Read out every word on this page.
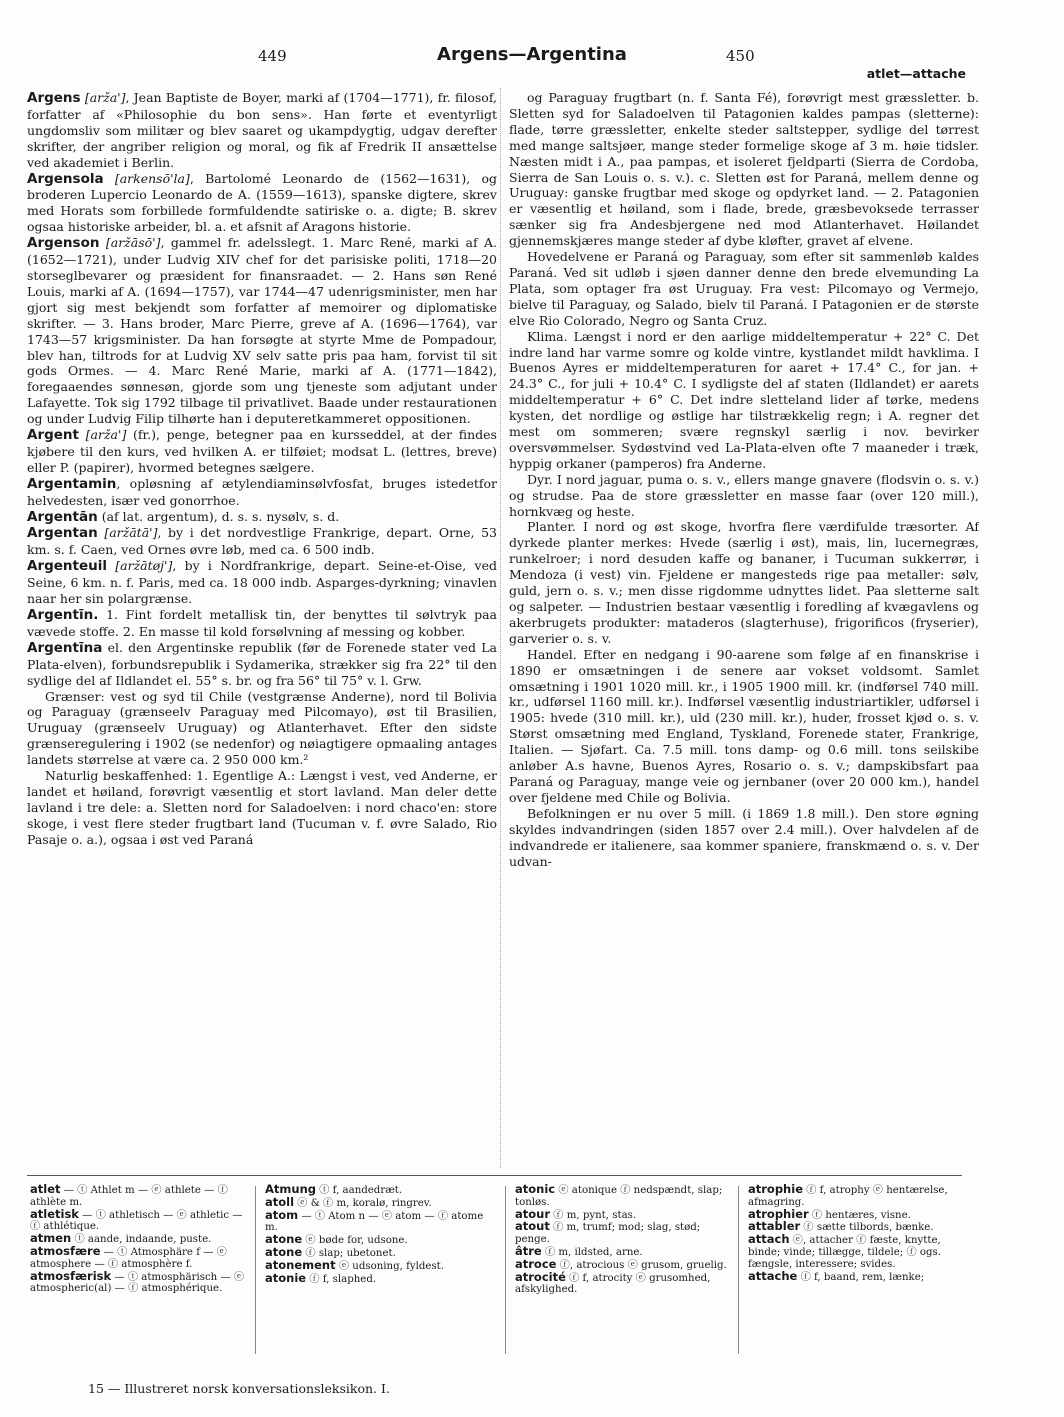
449	Argens—Argentina	450
atlet—attache

Argens [arža'], Jean Baptiste de Boyer, marki af (1704—1771), fr. filosof, forfatter af «Philosophie du bon sens». Han førte et eventyrligt ungdomsliv som militær og blev saaret og ukampdygtig, udgav derefter skrifter, der angriber religion og moral, og fik af Fredrik II ansættelse ved akademiet i Berlin.

Argensola [arkensō'la], Bartolomé Leonardo de (1562—1631), og broderen Lupercio Leonardo de A. (1559—1613), spanske digtere, skrev med Horats som forbillede formfuldendte satiriske o. a. digte; B. skrev ogsaa historiske arbeider, bl. a. et afsnit af Aragons historie.

Argenson [aržāsō'], gammel fr. adelsslegt. 1. Marc René, marki af A. (1652—1721), under Ludvig XIV chef for det parisiske politi, 1718—20 storseglbevarer og præsident for finansraadet. — 2. Hans søn René Louis, marki af A. (1694—1757), var 1744—47 udenrigsminister, men har gjort sig mest bekjendt som forfatter af memoirer og diplomatiske skrifter. — 3. Hans broder, Marc Pierre, greve af A. (1696—1764), var 1743—57 krigsminister. Da han forsøgte at styrte Mme de Pompadour, blev han, tiltrods for at Ludvig XV selv satte pris paa ham, forvist til sit gods Ormes. — 4. Marc René Marie, marki af A. (1771—1842), foregaaendes sønnesøn, gjorde som ung tjeneste som adjutant under Lafayette. Tok sig 1792 tilbage til privatlivet. Baade under restaurationen og under Ludvig Filip tilhørte han i deputeretkammeret oppositionen.

Argent [arža'] (fr.), penge, betegner paa en kursseddel, at der findes kjøbere til den kurs, ved hvilken A. er tilføiet; modsat L. (lettres, breve) eller P. (papirer), hvormed betegnes sælgere.

Argentamin, opløsning af ætylendiaminsølvfosfat, bruges istedetfor helvedesten, især ved gonorrhoe.

Argentān (af lat. argentum), d. s. s. nysølv, s. d.

Argentan [aržātā'], by i det nordvestlige Frankrige, depart. Orne, 53 km. s. f. Caen, ved Ornes øvre løb, med ca. 6 500 indb.

Argenteuil [aržātøj'], by i Nordfrankrige, depart. Seine-et-Oise, ved Seine, 6 km. n. f. Paris, med ca. 18 000 indb. Asparges-dyrkning; vinavlen naar her sin polargrænse.

Argentīn. 1. Fint fordelt metallisk tin, der benyttes til sølvtryk paa vævede stoffe. 2. En masse til kold forsølvning af messing og kobber.

Argentīna el. den Argentinske republik (før de Forenede stater ved La Plata-elven), forbundsrepublik i Sydamerika, strækker sig fra 22° til den sydlige del af Ildlandet el. 55° s. br. og fra 56° til 75° v. l. Grw.

Grænser: vest og syd til Chile (vestgrænse Anderne), nord til Bolivia og Paraguay (grænseelv Paraguay med Pilcomayo), øst til Brasilien, Uruguay (grænseelv Uruguay) og Atlanterhavet. Efter den sidste grænseregulering i 1902 (se nedenfor) og nøiagtigere opmaaling antages landets størrelse at være ca. 2 950 000 km.²

Naturlig beskaffenhed: 1. Egentlige A.: Længst i vest, ved Anderne, er landet et høiland, forøvrigt væsentlig et stort lavland. Man deler dette lavland i tre dele: a. Sletten nord for Saladoelven: i nord chaco'en: store skoge, i vest flere steder frugtbart land (Tucuman v. f. øvre Salado, Rio Pasaje o. a.), ogsaa i øst ved Paraná

og Paraguay frugtbart (n. f. Santa Fé), forøvrigt mest græssletter. b. Sletten syd for Saladoelven til Patagonien kaldes pampas (sletterne): flade, tørre græssletter, enkelte steder saltstepper, sydlige del tørrest med mange saltsjøer, mange steder formelige skoge af 3 m. høie tidsler. Næsten midt i A., paa pampas, et isoleret fjeldparti (Sierra de Cordoba, Sierra de San Louis o. s. v.). c. Sletten øst for Paraná, mellem denne og Uruguay: ganske frugtbar med skoge og opdyrket land. — 2. Patagonien er væsentlig et høiland, som i flade, brede, græsbevoksede terrasser sænker sig fra Andesbjergene ned mod Atlanterhavet. Høilandet gjennemskjæres mange steder af dybe kløfter, gravet af elvene.

Hovedelvene er Paraná og Paraguay, som efter sit sammenløb kaldes Paraná. Ved sit udløb i sjøen danner denne den brede elvemunding La Plata, som optager fra øst Uruguay. Fra vest: Pilcomayo og Vermejo, bielve til Paraguay, og Salado, bielv til Paraná. I Patagonien er de største elve Rio Colorado, Negro og Santa Cruz.

Klima. Længst i nord er den aarlige middeltemperatur + 22° C. Det indre land har varme somre og kolde vintre, kystlandet mildt havklima. I Buenos Ayres er middeltemperaturen for aaret + 17.4° C., for jan. + 24.3° C., for juli + 10.4° C. I sydligste del af staten (Ildlandet) er aarets middeltemperatur + 6° C. Det indre sletteland lider af tørke, medens kysten, det nordlige og østlige har tilstrækkelig regn; i A. regner det mest om sommeren; svære regnskyl særlig i nov. bevirker oversvømmelser. Sydøstvind ved La-Plata-elven ofte 7 maaneder i træk, hyppig orkaner (pamperos) fra Anderne.

Dyr. I nord jaguar, puma o. s. v., ellers mange gnavere (flodsvin o. s. v.) og strudse. Paa de store græssletter en masse faar (over 120 mill.), hornkvæg og heste.

Planter. I nord og øst skoge, hvorfra flere værdifulde træsorter. Af dyrkede planter merkes: Hvede (særlig i øst), mais, lin, lucernegræs, runkelroer; i nord desuden kaffe og bananer, i Tucuman sukkerrør, i Mendoza (i vest) vin. Fjeldene er mangesteds rige paa metaller: sølv, guld, jern o. s. v.; men disse rigdomme udnyttes lidet. Paa sletterne salt og salpeter. — Industrien bestaar væsentlig i foredling af kvægavlens og akerbrugets produkter: mataderos (slagterhuse), frigorificos (fryserier), garverier o. s. v.

Handel. Efter en nedgang i 90-aarene som følge af en finanskrise i 1890 er omsætningen i de senere aar vokset voldsomt. Samlet omsætning i 1901 1020 mill. kr., i 1905 1900 mill. kr. (indførsel 740 mill. kr., udførsel 1160 mill. kr.). Indførsel væsentlig industriartikler, udførsel i 1905: hvede (310 mill. kr.), uld (230 mill. kr.), huder, frosset kjød o. s. v. Størst omsætning med England, Tyskland, Forenede stater, Frankrige, Italien. — Sjøfart. Ca. 7.5 mill. tons damp- og 0.6 mill. tons seilskibe anløber A.s havne, Buenos Ayres, Rosario o. s. v.; dampskibsfart paa Paraná og Paraguay, mange veie og jernbaner (over 20 000 km.), handel over fjeldene med Chile og Bolivia.

Befolkningen er nu over 5 mill. (i 1869 1.8 mill.). Den store øgning skyldes indvandringen (siden 1857 over 2.4 mill.). Over halvdelen af de indvandrede er italienere, saa kommer spaniere, franskmænd o. s. v. Der udvan-

atlet — ⓣ Athlet m — ⓔ athlete — ⓕ athlète m.

atletisk — ⓣ athletisch — ⓔ athletic — ⓕ athlétique.

atmen ⓣ aande, indaande, puste.

atmosfære — ⓣ Atmosphäre f — ⓔ atmosphere — ⓕ atmosphère f.

atmosfærisk — ⓣ atmosphärisch — ⓔ atmospheric(al) — ⓕ atmosphérique.

Atmung ⓣ f, aandedræt.

atoll ⓔ & ⓕ m, koralø, ringrev.

atom — ⓣ Atom n — ⓔ atom — ⓕ atome m.

atone ⓔ bøde for, udsone.

atone ⓕ slap; ubetonet.

atonement ⓔ udsoning, fyldest.

atonie ⓕ f, slaphed.

atonic ⓔ atonique ⓕ nedspændt, slap; tonløs.

atour ⓕ m, pynt, stas.

atout ⓕ m, trumf; mod; slag, stød; penge.

âtre ⓕ m, ildsted, arne.

atroce ⓕ, atrocious ⓔ grusom, gruelig.

atrocité ⓕ f, atrocity ⓔ grusomhed, afskylighed.

atrophie ⓕ f, atrophy ⓔ hentærelse, afmagring.

atrophier ⓕ hentæres, visne.

attabler ⓕ sætte tilbords, bænke.

attach ⓔ, attacher ⓕ fæste, knytte, binde; vinde; tillægge, tildele; ⓕ ogs. fængsle, interessere; svides.

attache ⓕ f, baand, rem, lænke;

15 — Illustreret norsk konversationsleksikon. I.
